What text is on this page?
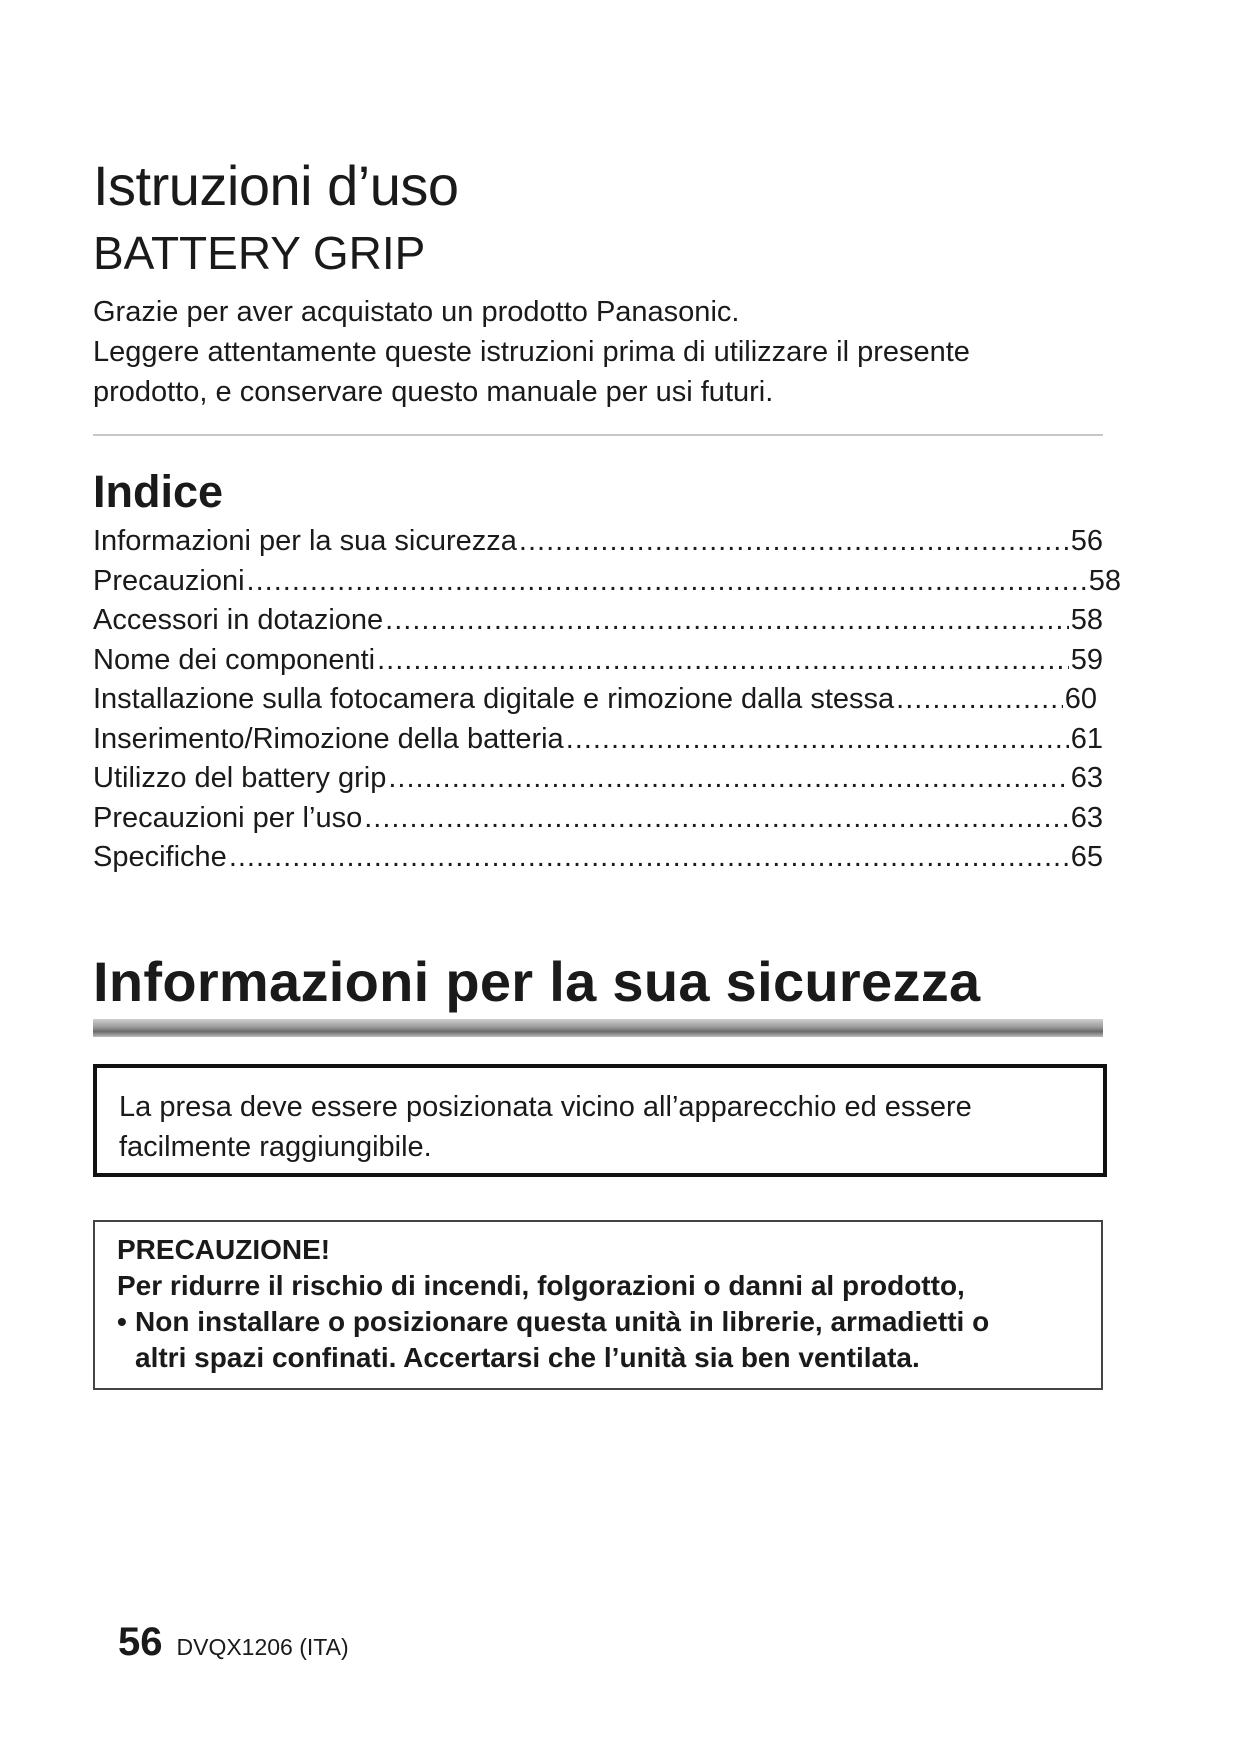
Istruzioni d’uso
BATTERY GRIP

Grazie per aver acquistato un prodotto Panasonic.

Leggere attentamente queste istruzioni prima di utilizzare il presente

prodotto, e conservare questo manuale per usi futuri.

Indice
Informazioni per la sua sicurezza .....	56
Precauzioni .....	58
Accessori in dotazione .....	58
Nome dei componenti .....	59
Installazione sulla fotocamera digitale e rimozione dalla stessa .....	60
Inserimento/Rimozione della batteria .....	61
Utilizzo del battery grip .....	63
Precauzioni per l’uso .....	63
Specifiche .....	65
Informazioni per la sua sicurezza
La presa deve essere posizionata vicino all’apparecchio ed essere
facilmente raggiungibile.

PRECAUZIONE!

Per ridurre il rischio di incendi, folgorazioni o danni al prodotto,

• Non installare o posizionare questa unità in librerie, armadietti o
altri spazi confinati. Accertarsi che l’unità sia ben ventilata.
56 DVQX1206 (ITA)
